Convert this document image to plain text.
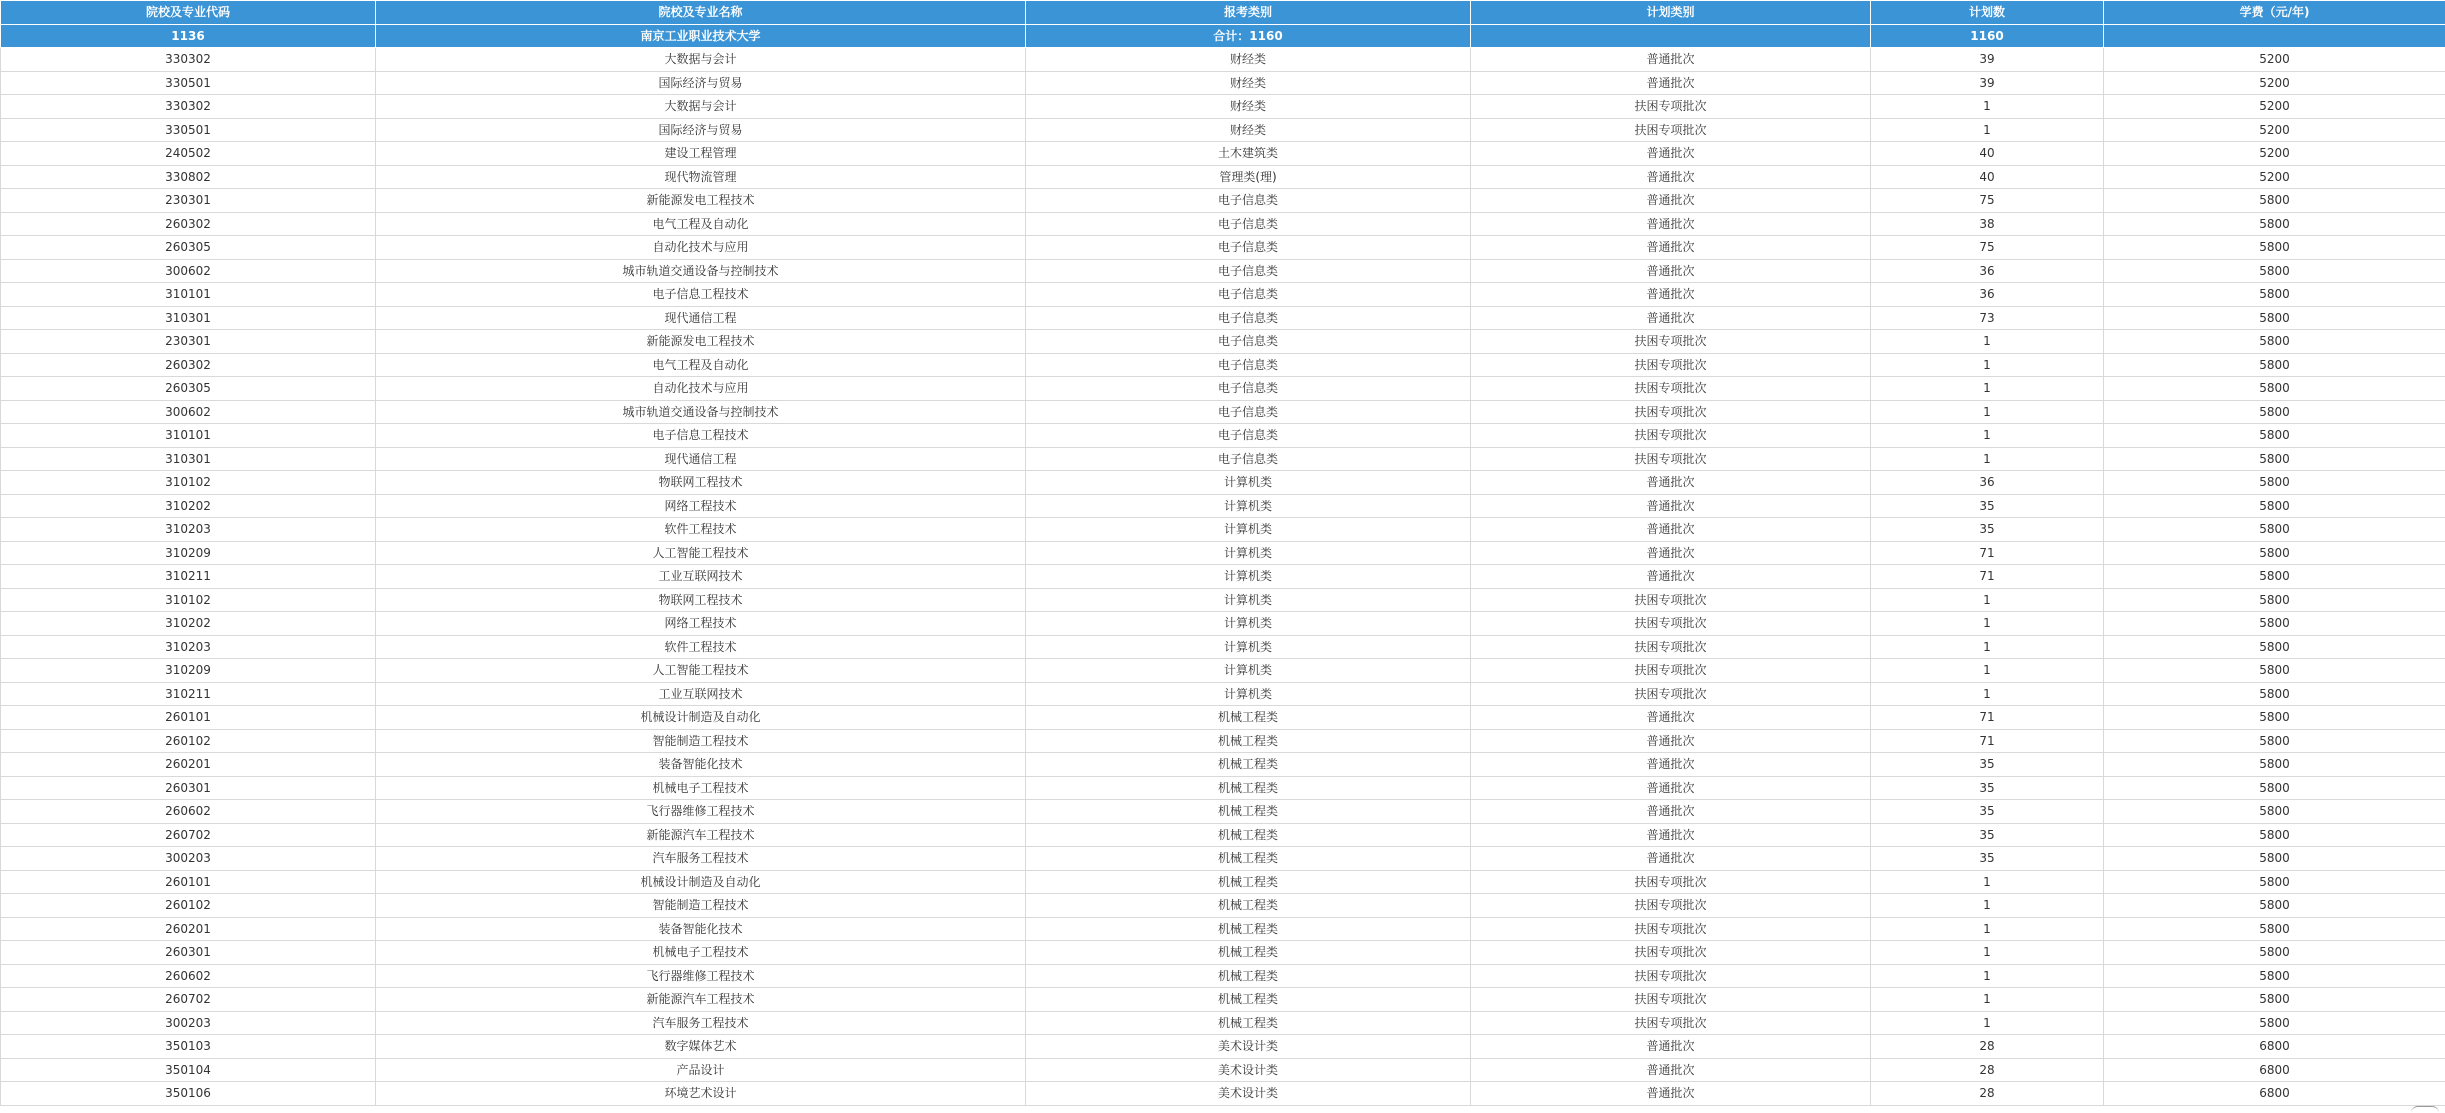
院校及专业代码	院校及专业名称	报考类别	计划类别	计划数	学费（元/年)
1136	南京工业职业技术大学	合计：1160		1160	
330302	大数据与会计	财经类	普通批次	39	5200
330501	国际经济与贸易	财经类	普通批次	39	5200
330302	大数据与会计	财经类	扶困专项批次	1	5200
330501	国际经济与贸易	财经类	扶困专项批次	1	5200
240502	建设工程管理	土木建筑类	普通批次	40	5200
330802	现代物流管理	管理类(理)	普通批次	40	5200
230301	新能源发电工程技术	电子信息类	普通批次	75	5800
260302	电气工程及自动化	电子信息类	普通批次	38	5800
260305	自动化技术与应用	电子信息类	普通批次	75	5800
300602	城市轨道交通设备与控制技术	电子信息类	普通批次	36	5800
310101	电子信息工程技术	电子信息类	普通批次	36	5800
310301	现代通信工程	电子信息类	普通批次	73	5800
230301	新能源发电工程技术	电子信息类	扶困专项批次	1	5800
260302	电气工程及自动化	电子信息类	扶困专项批次	1	5800
260305	自动化技术与应用	电子信息类	扶困专项批次	1	5800
300602	城市轨道交通设备与控制技术	电子信息类	扶困专项批次	1	5800
310101	电子信息工程技术	电子信息类	扶困专项批次	1	5800
310301	现代通信工程	电子信息类	扶困专项批次	1	5800
310102	物联网工程技术	计算机类	普通批次	36	5800
310202	网络工程技术	计算机类	普通批次	35	5800
310203	软件工程技术	计算机类	普通批次	35	5800
310209	人工智能工程技术	计算机类	普通批次	71	5800
310211	工业互联网技术	计算机类	普通批次	71	5800
310102	物联网工程技术	计算机类	扶困专项批次	1	5800
310202	网络工程技术	计算机类	扶困专项批次	1	5800
310203	软件工程技术	计算机类	扶困专项批次	1	5800
310209	人工智能工程技术	计算机类	扶困专项批次	1	5800
310211	工业互联网技术	计算机类	扶困专项批次	1	5800
260101	机械设计制造及自动化	机械工程类	普通批次	71	5800
260102	智能制造工程技术	机械工程类	普通批次	71	5800
260201	装备智能化技术	机械工程类	普通批次	35	5800
260301	机械电子工程技术	机械工程类	普通批次	35	5800
260602	飞行器维修工程技术	机械工程类	普通批次	35	5800
260702	新能源汽车工程技术	机械工程类	普通批次	35	5800
300203	汽车服务工程技术	机械工程类	普通批次	35	5800
260101	机械设计制造及自动化	机械工程类	扶困专项批次	1	5800
260102	智能制造工程技术	机械工程类	扶困专项批次	1	5800
260201	装备智能化技术	机械工程类	扶困专项批次	1	5800
260301	机械电子工程技术	机械工程类	扶困专项批次	1	5800
260602	飞行器维修工程技术	机械工程类	扶困专项批次	1	5800
260702	新能源汽车工程技术	机械工程类	扶困专项批次	1	5800
300203	汽车服务工程技术	机械工程类	扶困专项批次	1	5800
350103	数字媒体艺术	美术设计类	普通批次	28	6800
350104	产品设计	美术设计类	普通批次	28	6800
350106	环境艺术设计	美术设计类	普通批次	28	6800
